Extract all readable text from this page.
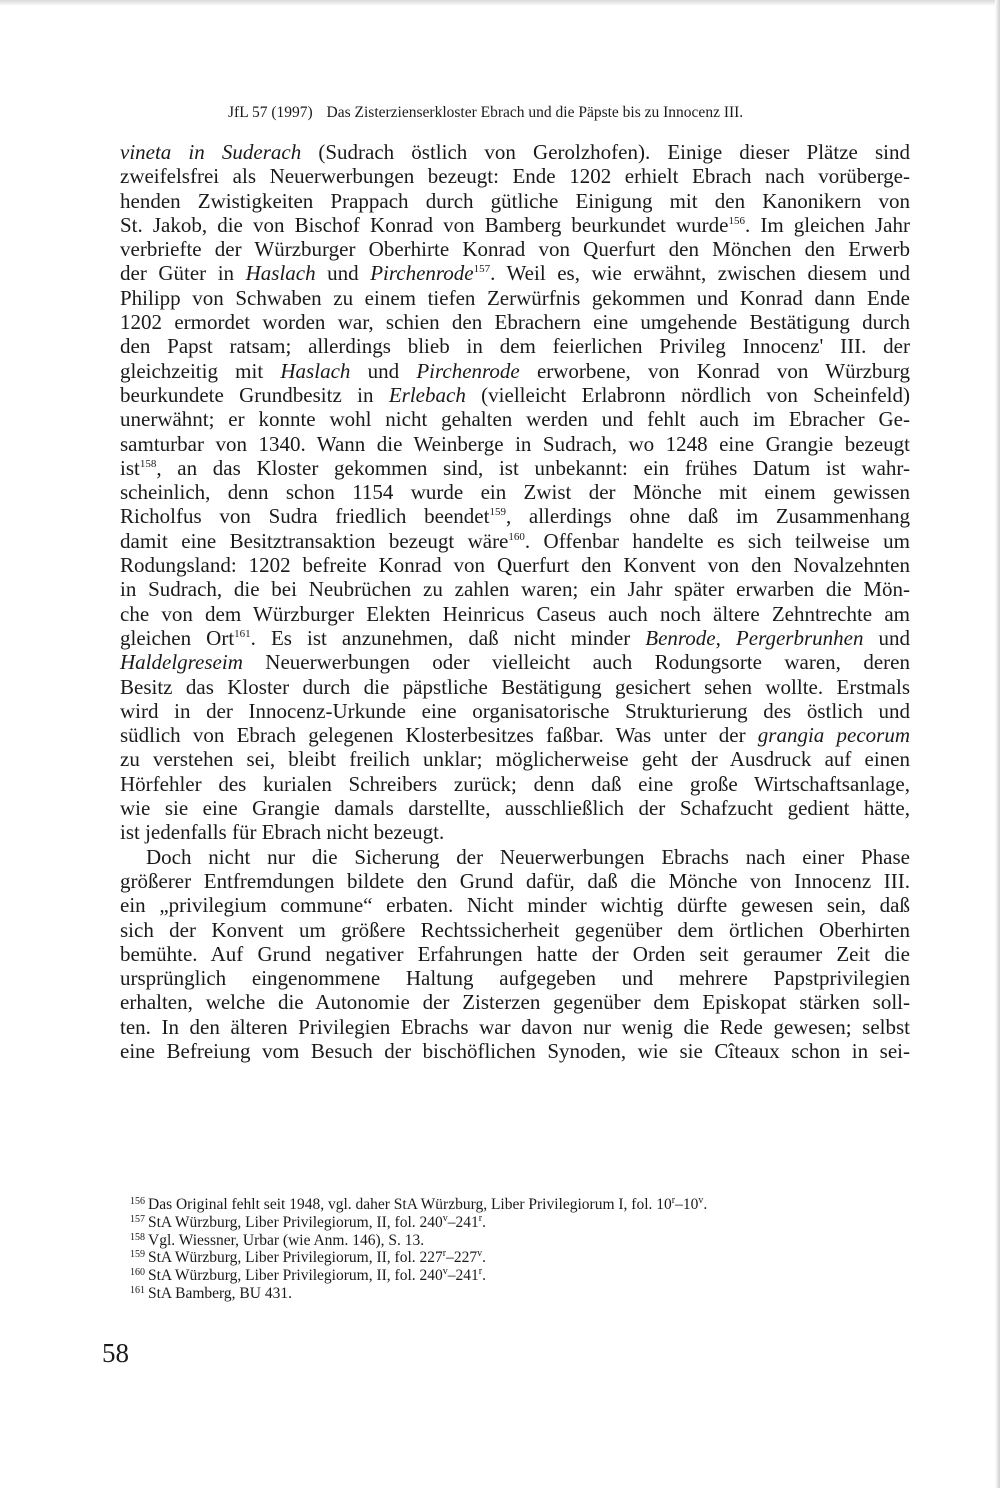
JfL 57 (1997) Das Zisterzienserkloster Ebrach und die Päpste bis zu Innocenz III.
vineta in Suderach (Sudrach östlich von Gerolzhofen). Einige dieser Plätze sind
zweifelsfrei als Neuerwerbungen bezeugt: Ende 1202 erhielt Ebrach nach vorüberge-
henden Zwistigkeiten Prappach durch gütliche Einigung mit den Kanonikern von
St. Jakob, die von Bischof Konrad von Bamberg beurkundet wurde$^{156}$. Im gleichen Jahr
verbriefte der Würzburger Oberhirte Konrad von Querfurt den Mönchen den Erwerb
der Güter in Haslach und Pirchenrode$^{157}$. Weil es, wie erwähnt, zwischen diesem und
Philipp von Schwaben zu einem tiefen Zerwürfnis gekommen und Konrad dann Ende
1202 ermordet worden war, schien den Ebrachern eine umgehende Bestätigung durch
den Papst ratsam; allerdings blieb in dem feierlichen Privileg Innocenz' III. der
gleichzeitig mit Haslach und Pirchenrode erworbene, von Konrad von Würzburg
beurkundete Grundbesitz in Erlebach (vielleicht Erlabronn nördlich von Scheinfeld)
unerwähnt; er konnte wohl nicht gehalten werden und fehlt auch im Ebracher Ge-
samturbar von 1340. Wann die Weinberge in Sudrach, wo 1248 eine Grangie bezeugt
ist$^{158}$, an das Kloster gekommen sind, ist unbekannt: ein frühes Datum ist wahr-
scheinlich, denn schon 1154 wurde ein Zwist der Mönche mit einem gewissen
Richolfus von Sudra friedlich beendet$^{159}$, allerdings ohne daß im Zusammenhang
damit eine Besitztransaktion bezeugt wäre$^{160}$. Offenbar handelte es sich teilweise um
Rodungsland: 1202 befreite Konrad von Querfurt den Konvent von den Novalzehnten
in Sudrach, die bei Neubrüchen zu zahlen waren; ein Jahr später erwarben die Mön-
che von dem Würzburger Elekten Heinricus Caseus auch noch ältere Zehntrechte am
gleichen Ort$^{161}$. Es ist anzunehmen, daß nicht minder Benrode, Pergerbrunhen und
Haldelgreseim Neuerwerbungen oder vielleicht auch Rodungsorte waren, deren
Besitz das Kloster durch die päpstliche Bestätigung gesichert sehen wollte. Erstmals
wird in der Innocenz-Urkunde eine organisatorische Strukturierung des östlich und
südlich von Ebrach gelegenen Klosterbesitzes faßbar. Was unter der grangia pecorum
zu verstehen sei, bleibt freilich unklar; möglicherweise geht der Ausdruck auf einen
Hörfehler des kurialen Schreibers zurück; denn daß eine große Wirtschaftsanlage,
wie sie eine Grangie damals darstellte, ausschließlich der Schafzucht gedient hätte,
ist jedenfalls für Ebrach nicht bezeugt.
Doch nicht nur die Sicherung der Neuerwerbungen Ebrachs nach einer Phase
größerer Entfremdungen bildete den Grund dafür, daß die Mönche von Innocenz III.
ein „privilegium commune“ erbaten. Nicht minder wichtig dürfte gewesen sein, daß
sich der Konvent um größere Rechtssicherheit gegenüber dem örtlichen Oberhirten
bemühte. Auf Grund negativer Erfahrungen hatte der Orden seit geraumer Zeit die
ursprünglich eingenommene Haltung aufgegeben und mehrere Papstprivilegien
erhalten, welche die Autonomie der Zisterzen gegenüber dem Episkopat stärken soll-
ten. In den älteren Privilegien Ebrachs war davon nur wenig die Rede gewesen; selbst
eine Befreiung vom Besuch der bischöflichen Synoden, wie sie Cîteaux schon in sei-
156 Das Original fehlt seit 1948, vgl. daher StA Würzburg, Liber Privilegiorum I, fol. 10$^r$–10$^v$.
157 StA Würzburg, Liber Privilegiorum, II, fol. 240$^v$–241$^r$.
158 Vgl. Wiessner, Urbar (wie Anm. 146), S. 13.
159 StA Würzburg, Liber Privilegiorum, II, fol. 227$^r$–227$^v$.
160 StA Würzburg, Liber Privilegiorum, II, fol. 240$^v$–241$^r$.
161 StA Bamberg, BU 431.
58
